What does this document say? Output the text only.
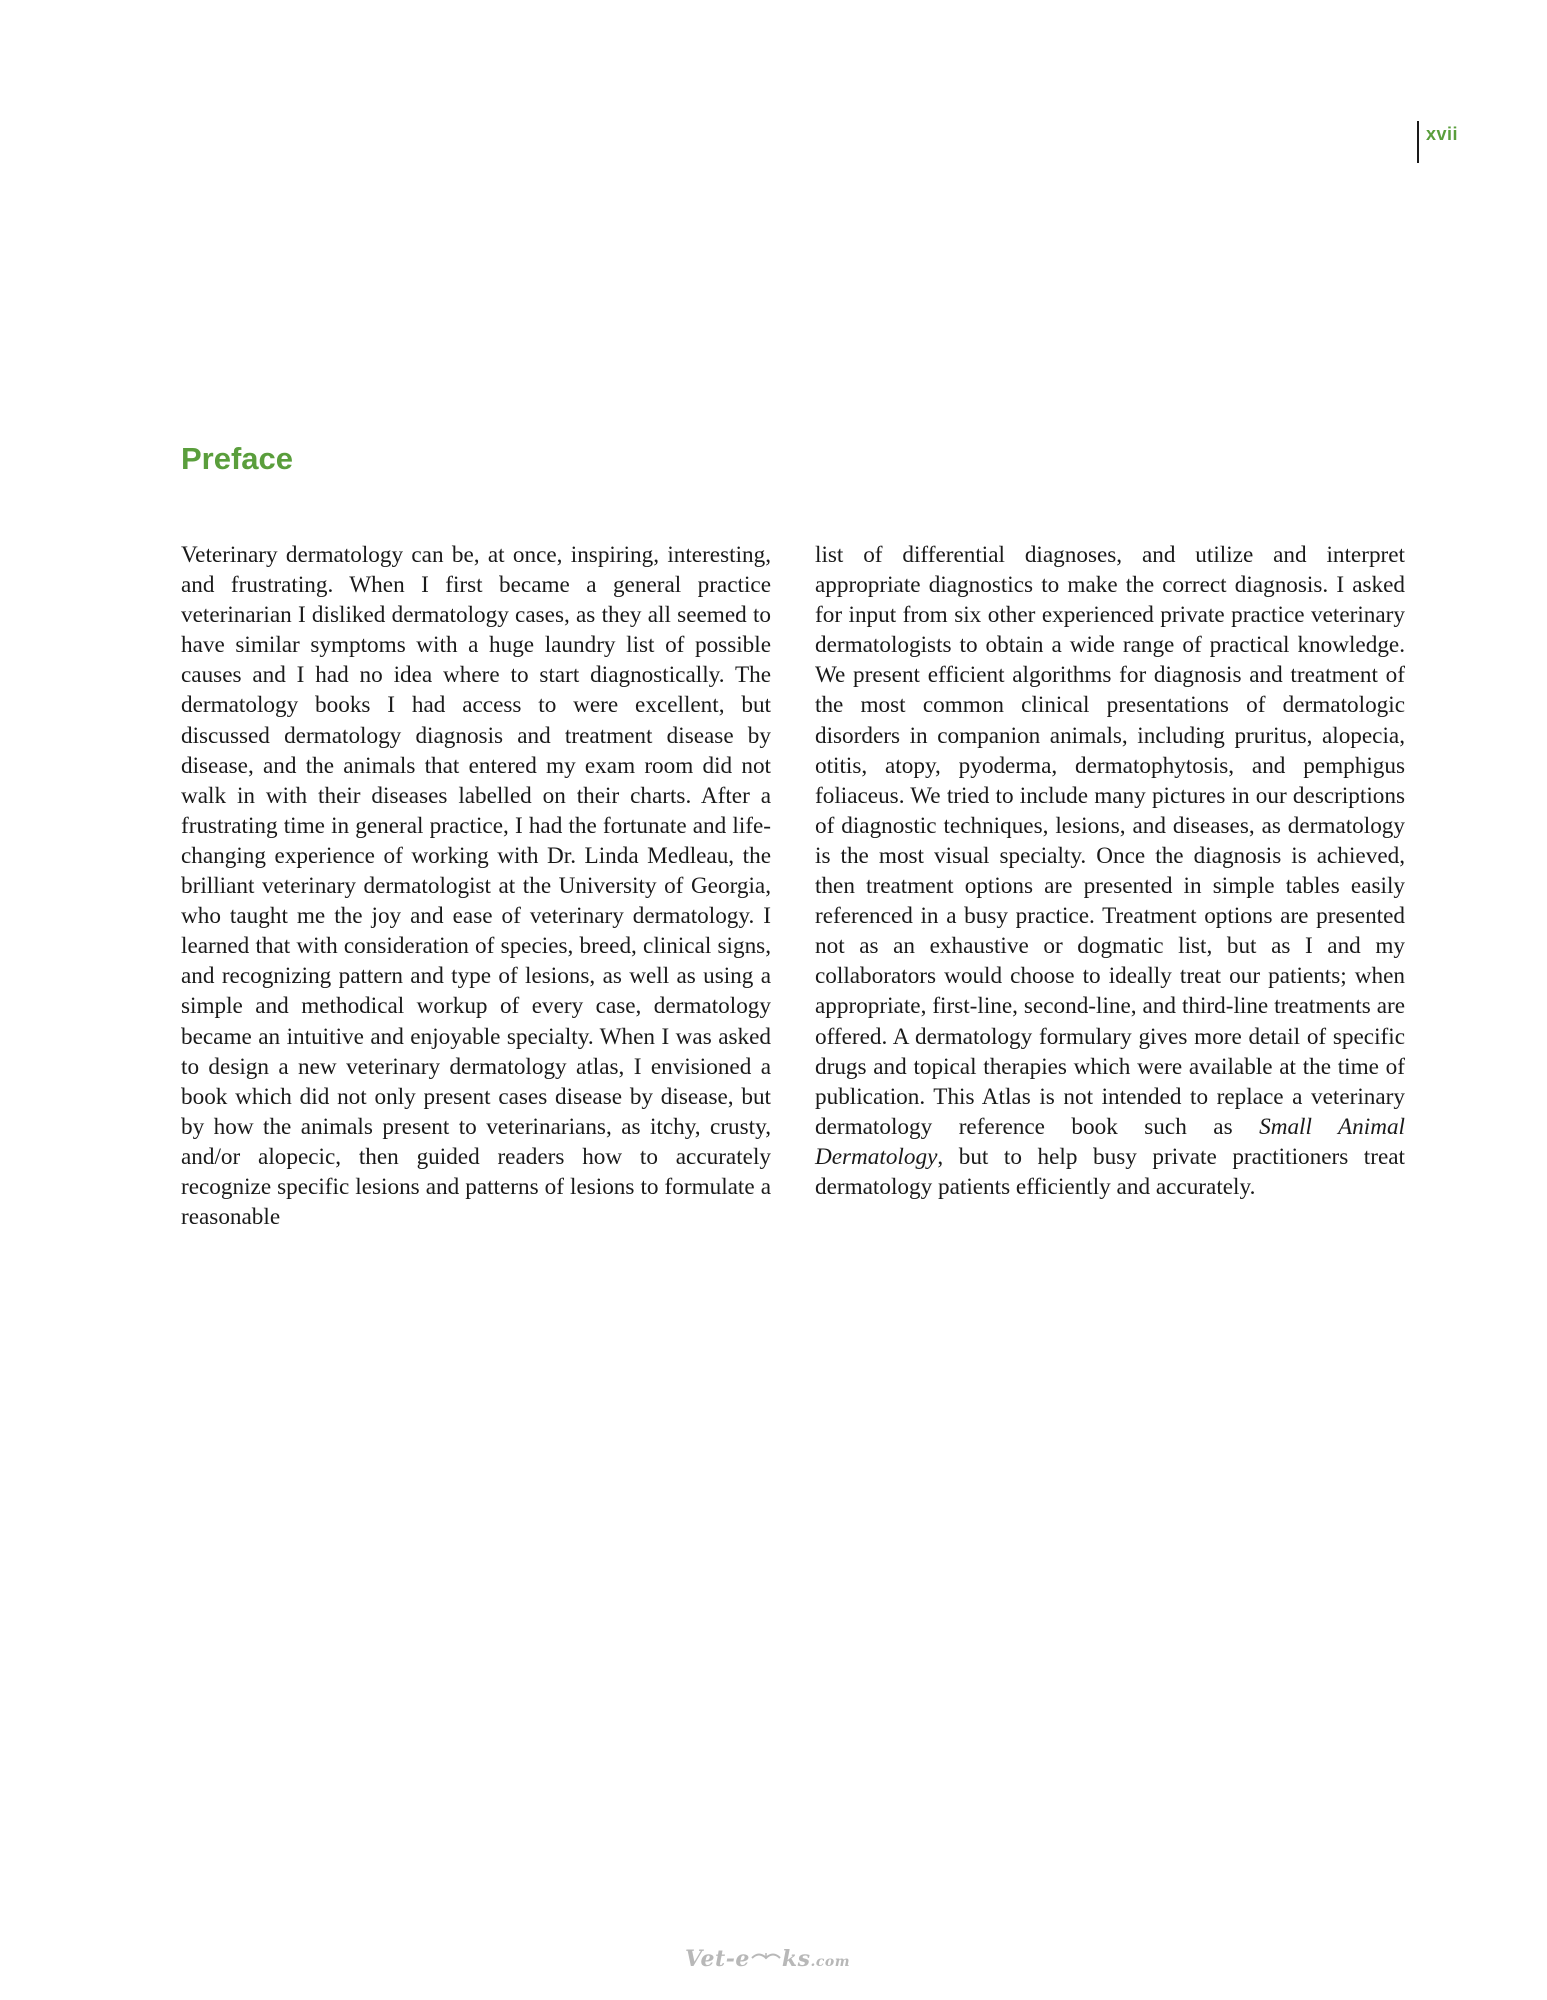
xvii
Preface

Veterinary dermatology can be, at once, inspiring, interesting, and frustrating. When I first became a general practice veterinarian I disliked dermatology cases, as they all seemed to have similar symptoms with a huge laundry list of possible causes and I had no idea where to start diagnostically. The dermatology books I had access to were excellent, but discussed dermatology diagnosis and treatment disease by disease, and the animals that entered my exam room did not walk in with their diseases labelled on their charts. After a frustrating time in general practice, I had the fortunate and life-changing experience of working with Dr. Linda Medleau, the brilliant veterinary dermatologist at the University of Georgia, who taught me the joy and ease of veterinary dermatology. I learned that with consideration of species, breed, clinical signs, and recognizing pattern and type of lesions, as well as using a simple and methodical workup of every case, dermatology became an intuitive and enjoyable specialty. When I was asked to design a new veterinary dermatology atlas, I envisioned a book which did not only present cases disease by disease, but by how the animals present to veterinarians, as itchy, crusty, and/or alopecic, then guided readers how to accurately recognize specific lesions and patterns of lesions to formulate a reasonable

list of differential diagnoses, and utilize and interpret appropriate diagnostics to make the correct diagnosis. I asked for input from six other experienced private practice veterinary dermatologists to obtain a wide range of practical knowledge. We present efficient algorithms for diagnosis and treatment of the most common clinical presentations of dermatologic disorders in companion animals, including pruritus, alopecia, otitis, atopy, pyoderma, dermatophytosis, and pemphigus foliaceus. We tried to include many pictures in our descriptions of diagnostic techniques, lesions, and diseases, as dermatology is the most visual specialty. Once the diagnosis is achieved, then treatment options are presented in simple tables easily referenced in a busy practice. Treatment options are presented not as an exhaustive or dogmatic list, but as I and my collaborators would choose to ideally treat our patients; when appropriate, first-line, second-line, and third-line treatments are offered. A dermatology formulary gives more detail of specific drugs and topical therapies which were available at the time of publication. This Atlas is not intended to replace a veterinary dermatology reference book such as Small Animal Dermatology, but to help busy private practitioners treat dermatology patients efficiently and accurately.

Vet-e ks.com
